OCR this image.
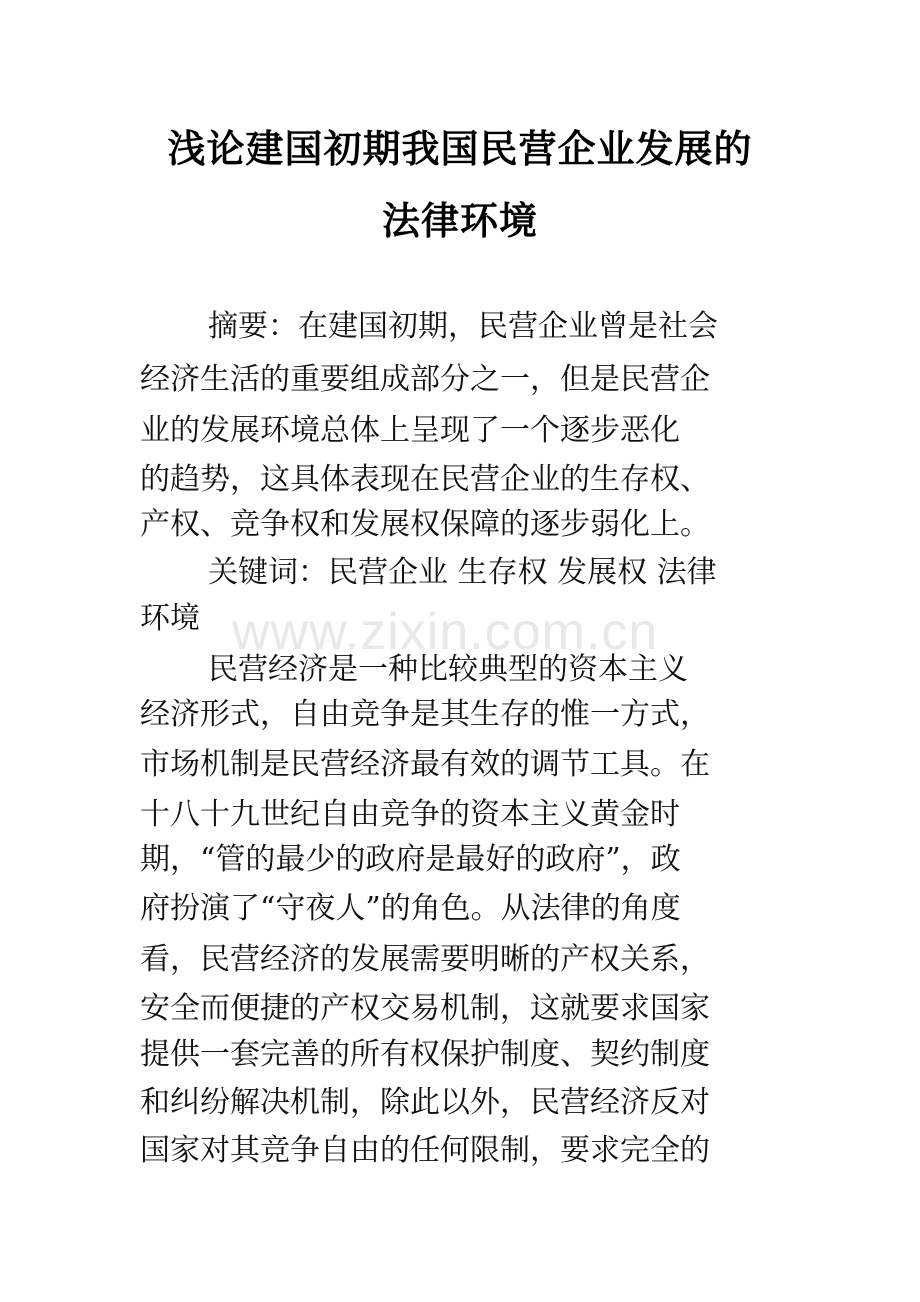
浅论建国初期我国民营企业发展的
法律环境
摘要：在建国初期，民营企业曾是社会
经济生活的重要组成部分之一，但是民营企
业的发展环境总体上呈现了一个逐步恶化
的趋势，这具体表现在民营企业的生存权、
产权、竞争权和发展权保障的逐步弱化上。
关键词：民营企业 生存权 发展权 法律
环境 www.zixin.com.cn
民营经济是一种比较典型的资本主义
经济形式，自由竞争是其生存的惟一方式，
市场机制是民营经济最有效的调节工具。在
十八十九世纪自由竞争的资本主义黄金时
期，“管的最少的政府是最好的政府”，政
府扮演了“守夜人”的角色。从法律的角度
看，民营经济的发展需要明晰的产权关系，
安全而便捷的产权交易机制，这就要求国家
提供一套完善的所有权保护制度、契约制度
和纠纷解决机制，除此以外，民营经济反对
国家对其竞争自由的任何限制，要求完全的
